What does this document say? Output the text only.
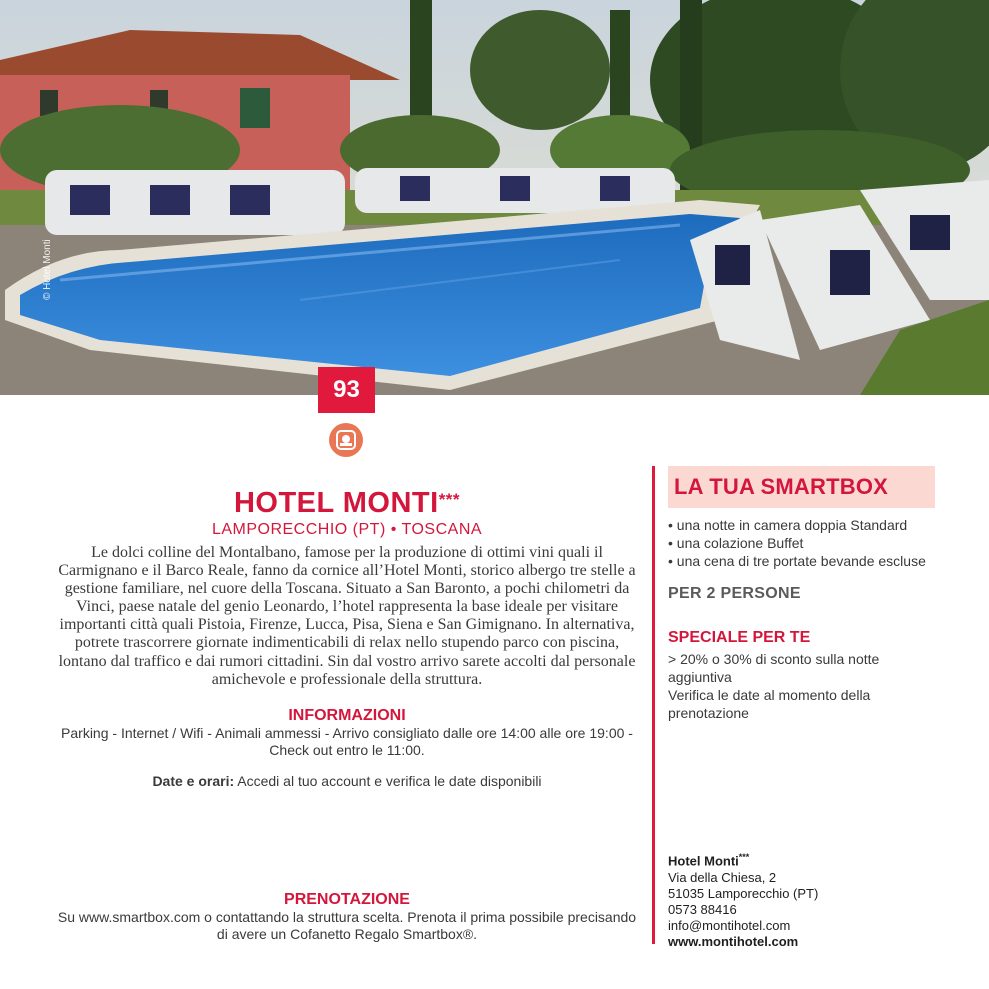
© Hotel Monti
93
HOTEL MONTI***
LAMPORECCHIO (PT) • TOSCANA
Le dolci colline del Montalbano, famose per la produzione di ottimi vini quali il Carmignano e il Barco Reale, fanno da cornice all’Hotel Monti, storico albergo tre stelle a gestione familiare, nel cuore della Toscana. Situato a San Baronto, a pochi chilometri da Vinci, paese natale del genio Leonardo, l’hotel rappresenta la base ideale per visitare importanti città quali Pistoia, Firenze, Lucca, Pisa, Siena e San Gimignano. In alternativa, potrete trascorrere giornate indimenticabili di relax nello stupendo parco con piscina, lontano dal traffico e dai rumori cittadini. Sin dal vostro arrivo sarete accolti dal personale amichevole e professionale della struttura.
INFORMAZIONI
Parking - Internet / Wifi - Animali ammessi - Arrivo consigliato dalle ore 14:00 alle ore 19:00 - Check out entro le 11:00.
Date e orari: Accedi al tuo account e verifica le date disponibili
PRENOTAZIONE
Su www.smartbox.com o contattando la struttura scelta. Prenota il prima possibile precisando di avere un Cofanetto Regalo Smartbox®.
LA TUA SMARTBOX
• una notte in camera doppia Standard
• una colazione Buffet
• una cena di tre portate bevande escluse
PER 2 PERSONE
SPECIALE PER TE
> 20% o 30% di sconto sulla notte aggiuntiva
Verifica le date al momento della prenotazione
Hotel Monti***
Via della Chiesa, 2
51035 Lamporecchio (PT)
0573 88416
info@montihotel.com
www.montihotel.com
